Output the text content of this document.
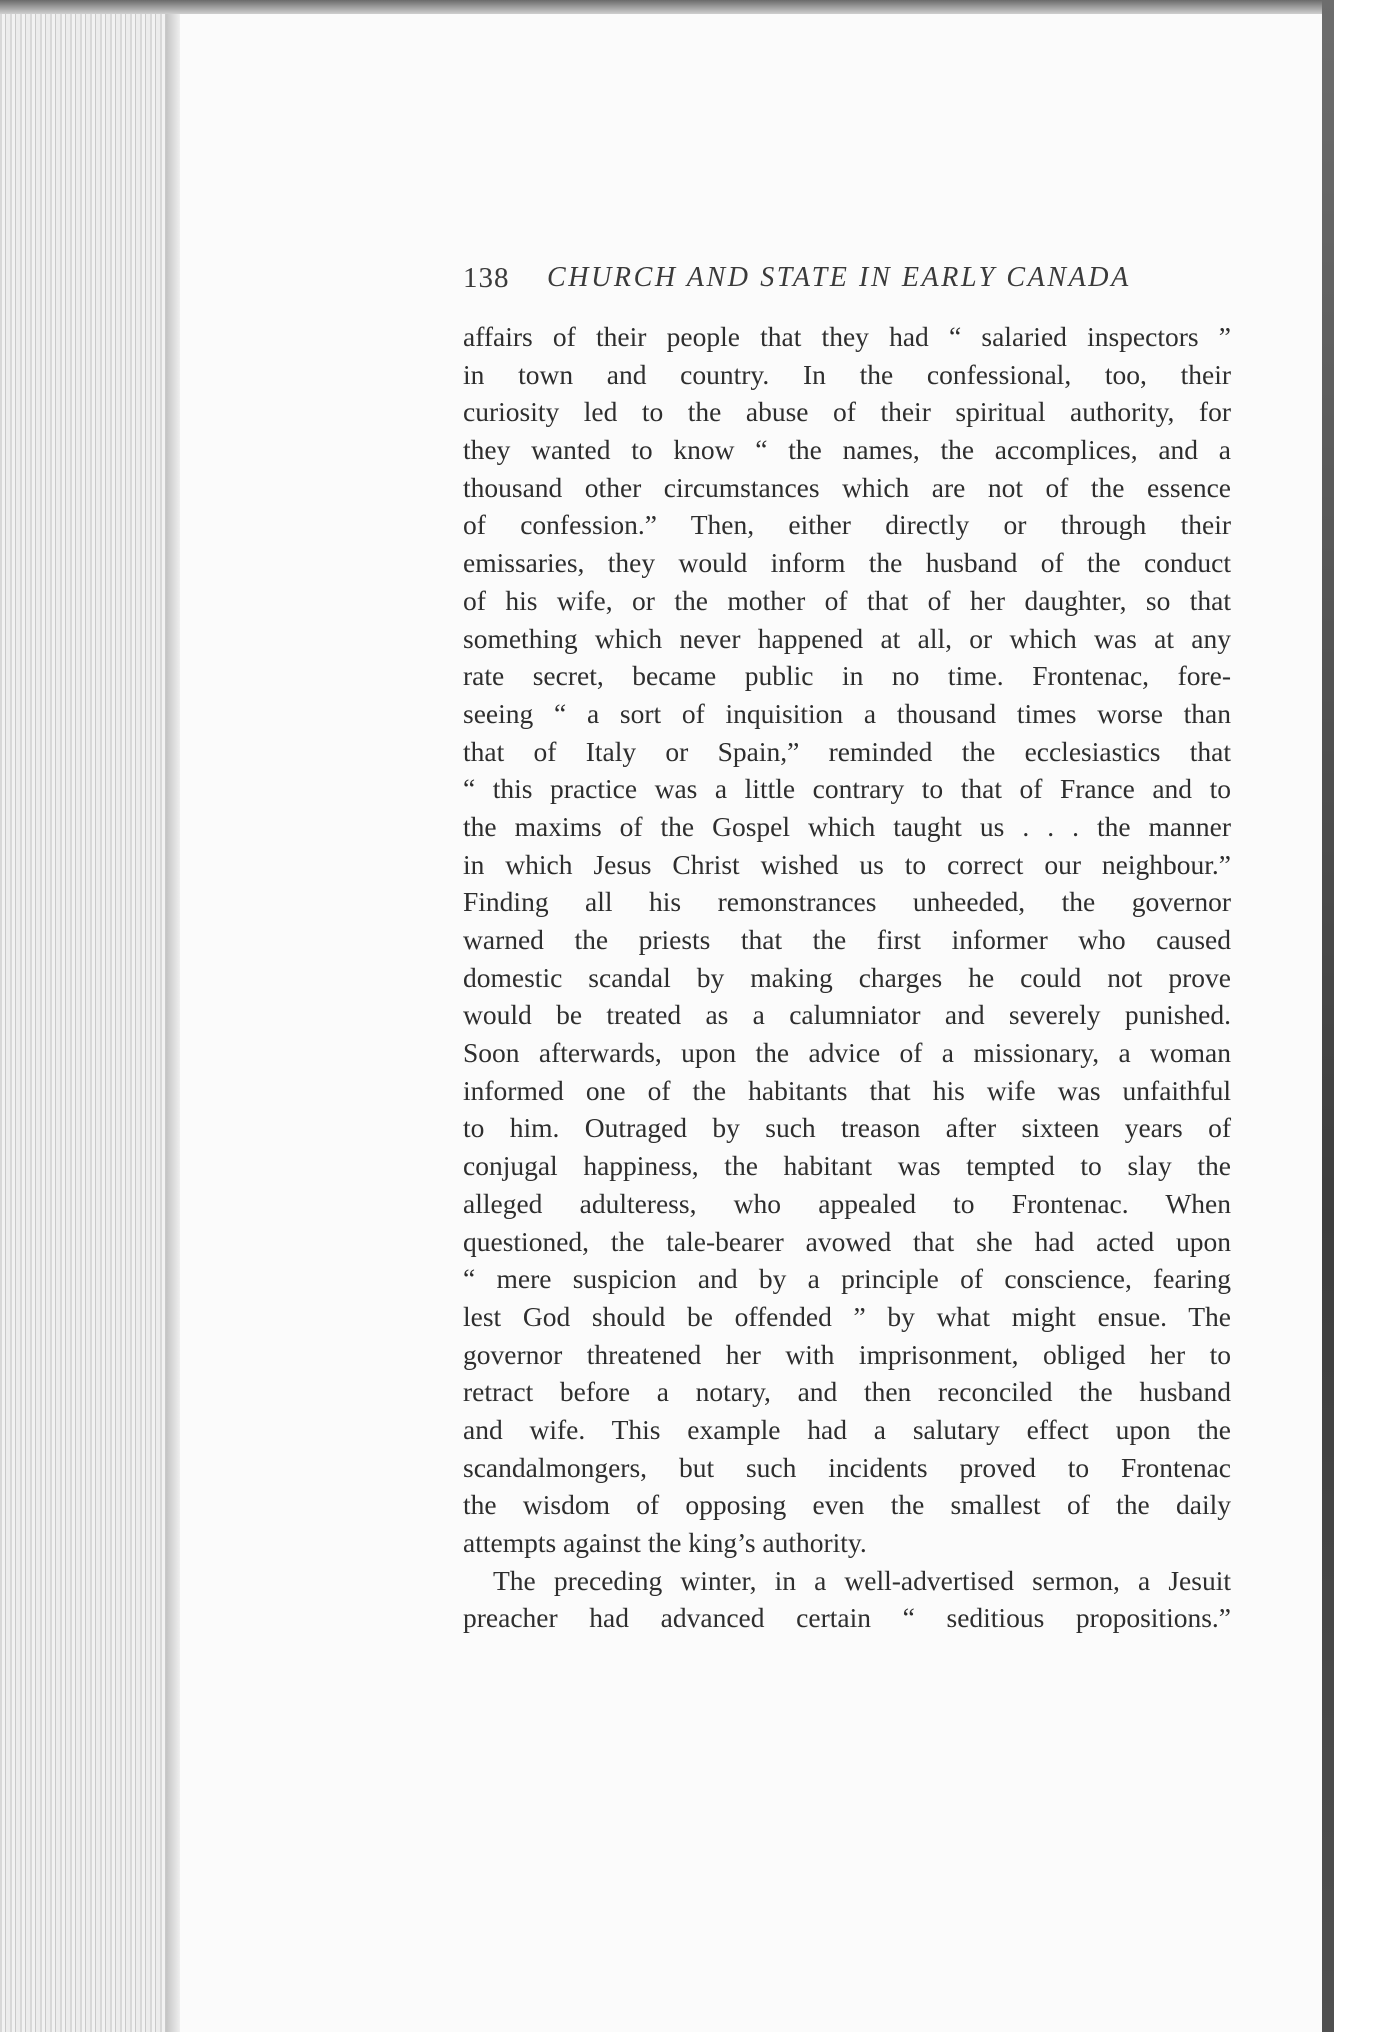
138 CHURCH AND STATE IN EARLY CANADA
affairs of their people that they had “ salaried inspectors ”
in town and country. In the confessional, too, their
curiosity led to the abuse of their spiritual authority, for
they wanted to know “ the names, the accomplices, and a
thousand other circumstances which are not of the essence
of confession.” Then, either directly or through their
emissaries, they would inform the husband of the conduct
of his wife, or the mother of that of her daughter, so that
something which never happened at all, or which was at any
rate secret, became public in no time. Frontenac, fore-
seeing “ a sort of inquisition a thousand times worse than
that of Italy or Spain,” reminded the ecclesiastics that
“ this practice was a little contrary to that of France and to
the maxims of the Gospel which taught us . . . the manner
in which Jesus Christ wished us to correct our neighbour.”
Finding all his remonstrances unheeded, the governor
warned the priests that the first informer who caused
domestic scandal by making charges he could not prove
would be treated as a calumniator and severely punished.
Soon afterwards, upon the advice of a missionary, a woman
informed one of the habitants that his wife was unfaithful
to him. Outraged by such treason after sixteen years of
conjugal happiness, the habitant was tempted to slay the
alleged adulteress, who appealed to Frontenac. When
questioned, the tale-bearer avowed that she had acted upon
“ mere suspicion and by a principle of conscience, fearing
lest God should be offended ” by what might ensue. The
governor threatened her with imprisonment, obliged her to
retract before a notary, and then reconciled the husband
and wife. This example had a salutary effect upon the
scandalmongers, but such incidents proved to Frontenac
the wisdom of opposing even the smallest of the daily
attempts against the king’s authority.
The preceding winter, in a well-advertised sermon, a Jesuit
preacher had advanced certain “ seditious propositions.”
